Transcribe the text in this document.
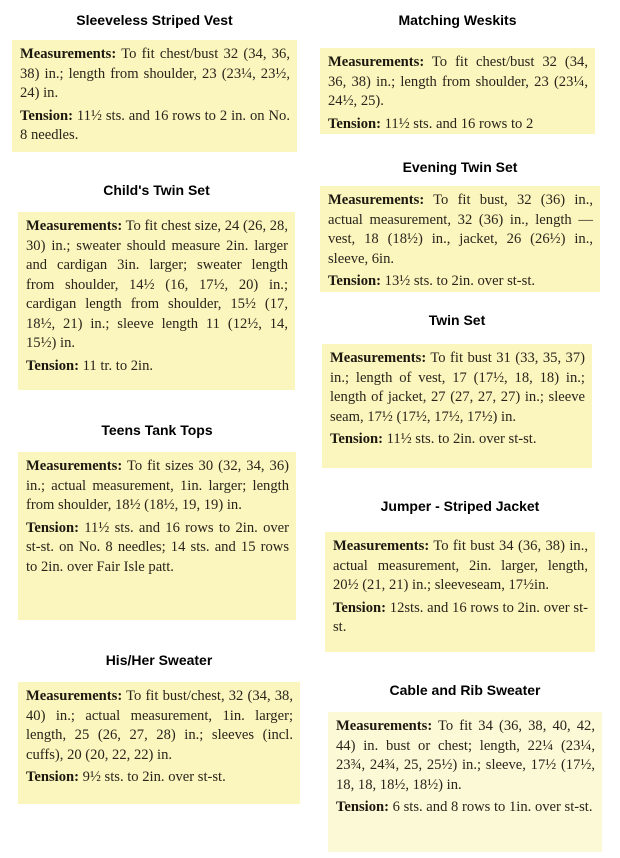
Sleeveless Striped Vest

Measurements: To fit chest/bust 32 (34, 36, 38) in.; length from shoulder, 23 (23¼, 23½, 24) in.

Tension: 11½ sts. and 16 rows to 2 in. on No. 8 needles.

Matching Weskits

Measurements: To fit chest/bust 32 (34, 36, 38) in.; length from shoulder, 23 (23¼, 24½, 25).

Tension: 11½ sts. and 16 rows to 2

Child's Twin Set

Measurements: To fit chest size, 24 (26, 28, 30) in.; sweater should measure 2in. larger and cardigan 3in. larger; sweater length from shoulder, 14½ (16, 17½, 20) in.; cardigan length from shoulder, 15½ (17, 18½, 21) in.; sleeve length 11 (12½, 14, 15½) in.

Tension: 11 tr. to 2in.

Evening Twin Set

Measurements: To fit bust, 32 (36) in., actual measurement, 32 (36) in., length — vest, 18 (18½) in., jacket, 26 (26½) in., sleeve, 6in.

Tension: 13½ sts. to 2in. over st-st.

Twin Set

Measurements: To fit bust 31 (33, 35, 37) in.; length of vest, 17 (17½, 18, 18) in.; length of jacket, 27 (27, 27, 27) in.; sleeve seam, 17½ (17½, 17½, 17½) in.

Tension: 11½ sts. to 2in. over st-st.

Teens Tank Tops

Measurements: To fit sizes 30 (32, 34, 36) in.; actual measurement, 1in. larger; length from shoulder, 18½ (18½, 19, 19) in.

Tension: 11½ sts. and 16 rows to 2in. over st-st. on No. 8 needles; 14 sts. and 15 rows to 2in. over Fair Isle patt.

Jumper - Striped Jacket

Measurements: To fit bust 34 (36, 38) in., actual measurement, 2in. larger, length, 20½ (21, 21) in.; sleeveseam, 17½in.

Tension: 12sts. and 16 rows to 2in. over st-st.

His/Her Sweater

Measurements: To fit bust/chest, 32 (34, 38, 40) in.; actual measurement, 1in. larger; length, 25 (26, 27, 28) in.; sleeves (incl. cuffs), 20 (20, 22, 22) in.

Tension: 9½ sts. to 2in. over st-st.

Cable and Rib Sweater

Measurements: To fit 34 (36, 38, 40, 42, 44) in. bust or chest; length, 22¼ (23¼, 23¾, 24¾, 25, 25½) in.; sleeve, 17½ (17½, 18, 18, 18½, 18½) in.

Tension: 6 sts. and 8 rows to 1in. over st-st.
